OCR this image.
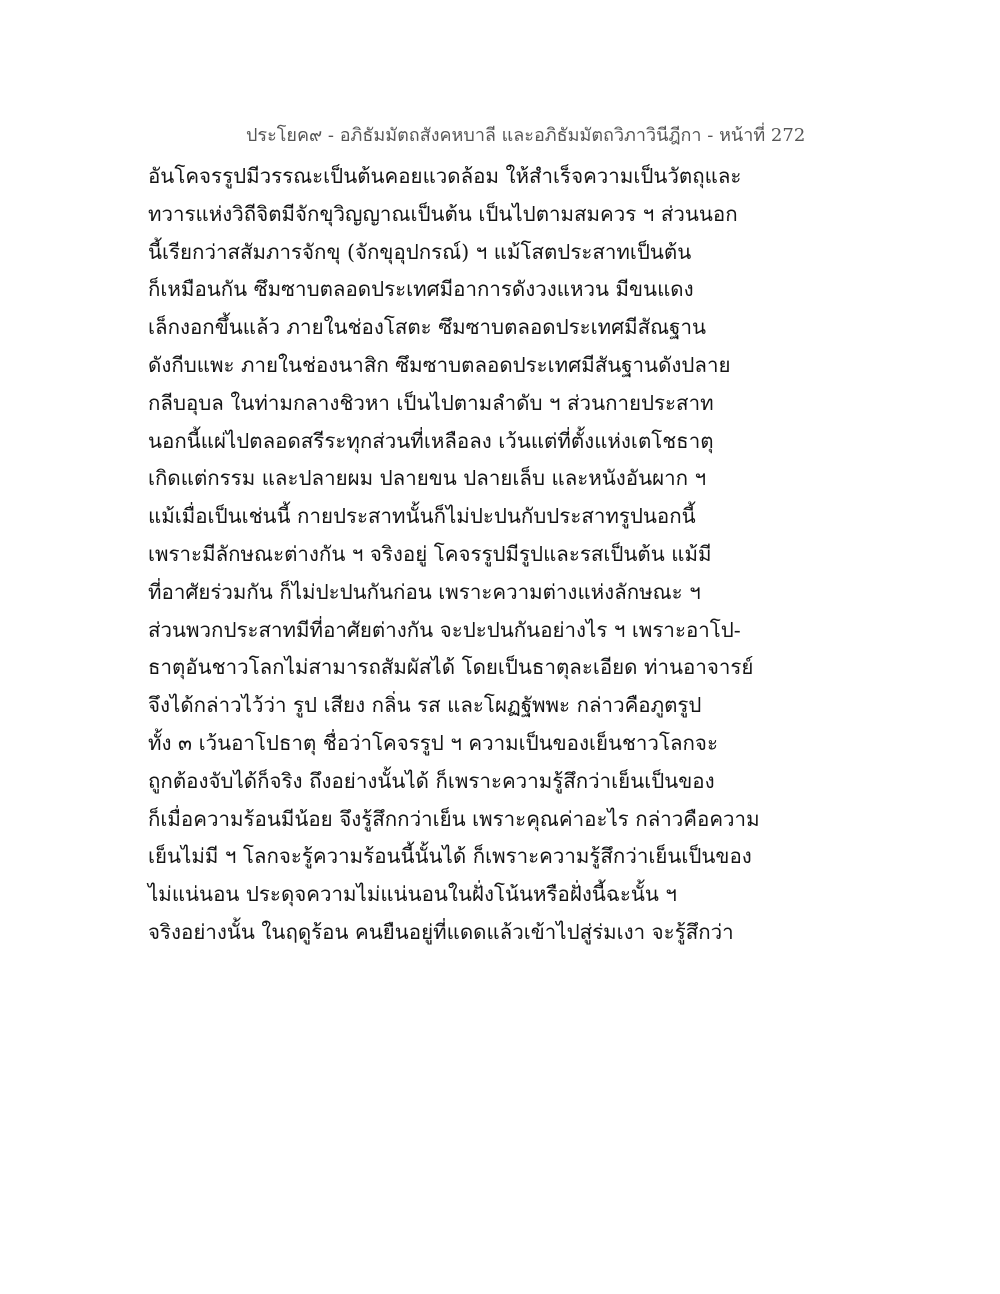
ประโยค๙ - อภิธัมมัตถสังคหบาลี และอภิธัมมัตถวิภาวินีฎีกา - หน้าที่ 272
อันโคจรรูปมีวรรณะเป็นต้นคอยแวดล้อม ให้สำเร็จความเป็นวัตถุและ
ทวารแห่งวิถีจิตมีจักขุวิญญาณเป็นต้น เป็นไปตามสมควร ฯ ส่วนนอก
นี้เรียกว่าสสัมภารจักขุ (จักขุอุปกรณ์) ฯ แม้โสตประสาทเป็นต้น
ก็เหมือนกัน ซึมซาบตลอดประเทศมีอาการดังวงแหวน มีขนแดง
เล็กงอกขึ้นแล้ว ภายในช่องโสตะ ซึมซาบตลอดประเทศมีสัณฐาน
ดังกีบแพะ ภายในช่องนาสิก ซึมซาบตลอดประเทศมีสันฐานดังปลาย
กลีบอุบล ในท่ามกลางชิวหา เป็นไปตามลำดับ ฯ ส่วนกายประสาท
นอกนี้แผ่ไปตลอดสรีระทุกส่วนที่เหลือลง เว้นแต่ที่ตั้งแห่งเตโชธาตุ
เกิดแต่กรรม และปลายผม ปลายขน ปลายเล็บ และหนังอันผาก ฯ
แม้เมื่อเป็นเช่นนี้ กายประสาทนั้นก็ไม่ปะปนกับประสาทรูปนอกนี้
เพราะมีลักษณะต่างกัน ฯ จริงอยู่ โคจรรูปมีรูปและรสเป็นต้น แม้มี
ที่อาศัยร่วมกัน ก็ไม่ปะปนกันก่อน เพราะความต่างแห่งลักษณะ ฯ
ส่วนพวกประสาทมีที่อาศัยต่างกัน จะปะปนกันอย่างไร ฯ เพราะอาโป-
ธาตุอันชาวโลกไม่สามารถสัมผัสได้ โดยเป็นธาตุละเอียด ท่านอาจารย์
จึงได้กล่าวไว้ว่า รูป เสียง กลิ่น รส และโผฏฐัพพะ กล่าวคือภูตรูป
ทั้ง ๓ เว้นอาโปธาตุ ชื่อว่าโคจรรูป ฯ ความเป็นของเย็นชาวโลกจะ
ถูกต้องจับได้ก็จริง ถึงอย่างนั้นได้ ก็เพราะความรู้สึกว่าเย็นเป็นของ
ก็เมื่อความร้อนมีน้อย จึงรู้สึกกว่าเย็น เพราะคุณค่าอะไร กล่าวคือความ
เย็นไม่มี ฯ โลกจะรู้ความร้อนนี้นั้นได้ ก็เพราะความรู้สึกว่าเย็นเป็นของ
ไม่แน่นอน ประดุจความไม่แน่นอนในฝั่งโน้นหรือฝั่งนี้ฉะนั้น ฯ
จริงอย่างนั้น ในฤดูร้อน คนยืนอยู่ที่แดดแล้วเข้าไปสู่ร่มเงา จะรู้สึกว่า
